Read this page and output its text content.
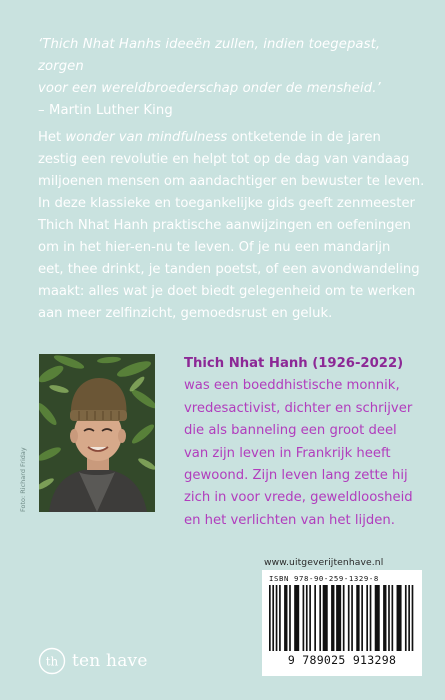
‘Thich Nhat Hanhs ideeën zullen, indien toegepast, zorgen
voor een wereldbroederschap onder de mensheid.’
– Martin Luther King
Het wonder van mindfulness ontketende in de jaren
zestig een revolutie en helpt tot op de dag van vandaag
miljoenen mensen om aandachtiger en bewuster te leven.
In deze klassieke en toegankelijke gids geeft zenmeester
Thich Nhat Hanh praktische aanwijzingen en oefeningen
om in het hier-en-nu te leven. Of je nu een mandarijn
eet, thee drinkt, je tanden poetst, of een avondwandeling
maakt: alles wat je doet biedt gelegenheid om te werken
aan meer zelfinzicht, gemoedsrust en geluk.
Foto: Richard Friday
Thich Nhat Hanh (1926-2022)
was een boeddhistische monnik,
vredesactivist, dichter en schrijver
die als banneling een groot deel
van zijn leven in Frankrijk heeft
gewoond. Zijn leven lang zette hij
zich in voor vrede, geweldloosheid
en het verlichten van het lijden.
www.uitgeverijtenhave.nl
ISBN 978-90-259-1329-8
9 789025 913298
th ten have
